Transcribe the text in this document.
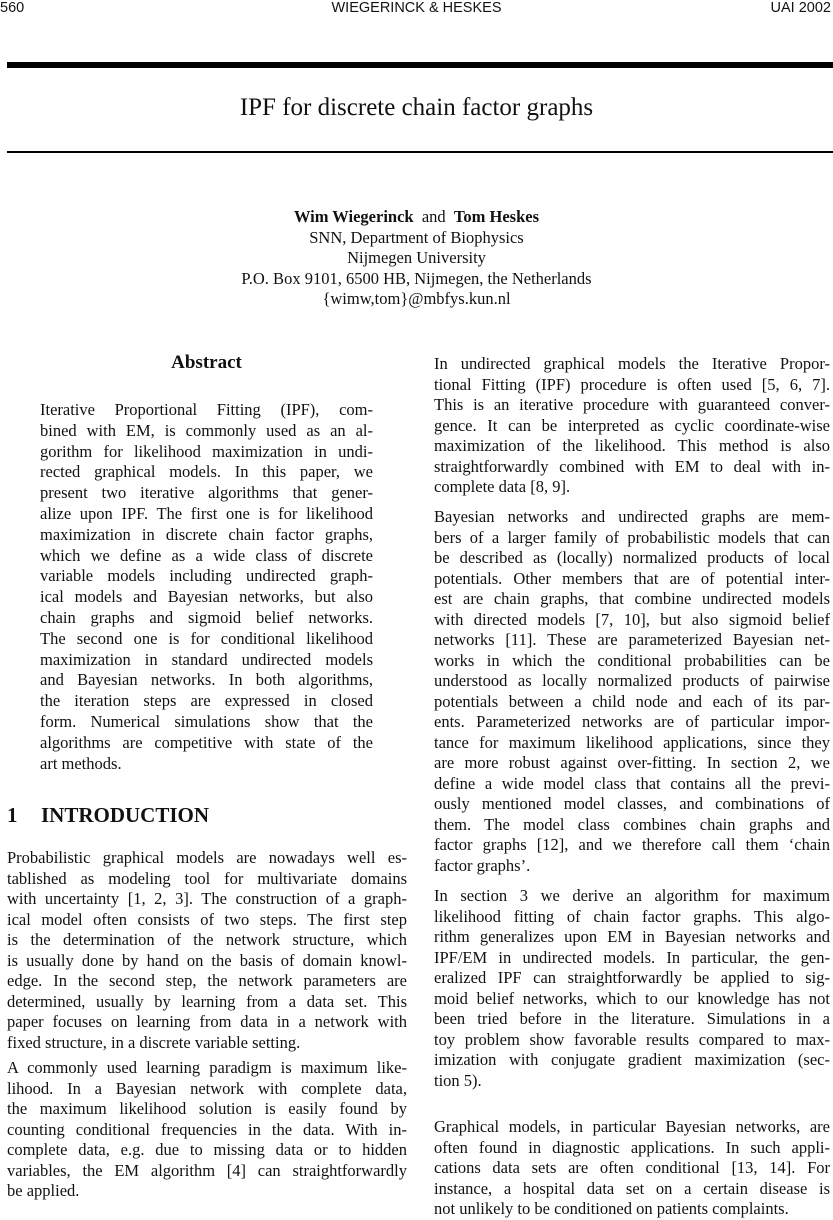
560	WIEGERINCK & HESKES	UAI 2002
IPF for discrete chain factor graphs
Wim Wiegerinck and Tom Heskes
SNN, Department of Biophysics
Nijmegen University
P.O. Box 9101, 6500 HB, Nijmegen, the Netherlands
{wimw,tom}@mbfys.kun.nl
Abstract
Iterative Proportional Fitting (IPF), com-
bined with EM, is commonly used as an al-
gorithm for likelihood maximization in undi-
rected graphical models. In this paper, we
present two iterative algorithms that gener-
alize upon IPF. The first one is for likelihood
maximization in discrete chain factor graphs,
which we define as a wide class of discrete
variable models including undirected graph-
ical models and Bayesian networks, but also
chain graphs and sigmoid belief networks.
The second one is for conditional likelihood
maximization in standard undirected models
and Bayesian networks. In both algorithms,
the iteration steps are expressed in closed
form. Numerical simulations show that the
algorithms are competitive with state of the
art methods.
1 INTRODUCTION
Probabilistic graphical models are nowadays well es-
tablished as modeling tool for multivariate domains
with uncertainty [1, 2, 3]. The construction of a graph-
ical model often consists of two steps. The first step
is the determination of the network structure, which
is usually done by hand on the basis of domain knowl-
edge. In the second step, the network parameters are
determined, usually by learning from a data set. This
paper focuses on learning from data in a network with
fixed structure, in a discrete variable setting.
A commonly used learning paradigm is maximum like-
lihood. In a Bayesian network with complete data,
the maximum likelihood solution is easily found by
counting conditional frequencies in the data. With in-
complete data, e.g. due to missing data or to hidden
variables, the EM algorithm [4] can straightforwardly
be applied.
In undirected graphical models the Iterative Propor-
tional Fitting (IPF) procedure is often used [5, 6, 7].
This is an iterative procedure with guaranteed conver-
gence. It can be interpreted as cyclic coordinate-wise
maximization of the likelihood. This method is also
straightforwardly combined with EM to deal with in-
complete data [8, 9].
Bayesian networks and undirected graphs are mem-
bers of a larger family of probabilistic models that can
be described as (locally) normalized products of local
potentials. Other members that are of potential inter-
est are chain graphs, that combine undirected models
with directed models [7, 10], but also sigmoid belief
networks [11]. These are parameterized Bayesian net-
works in which the conditional probabilities can be
understood as locally normalized products of pairwise
potentials between a child node and each of its par-
ents. Parameterized networks are of particular impor-
tance for maximum likelihood applications, since they
are more robust against over-fitting. In section 2, we
define a wide model class that contains all the previ-
ously mentioned model classes, and combinations of
them. The model class combines chain graphs and
factor graphs [12], and we therefore call them ‘chain
factor graphs’.
In section 3 we derive an algorithm for maximum
likelihood fitting of chain factor graphs. This algo-
rithm generalizes upon EM in Bayesian networks and
IPF/EM in undirected models. In particular, the gen-
eralized IPF can straightforwardly be applied to sig-
moid belief networks, which to our knowledge has not
been tried before in the literature. Simulations in a
toy problem show favorable results compared to max-
imization with conjugate gradient maximization (sec-
tion 5).
Graphical models, in particular Bayesian networks, are
often found in diagnostic applications. In such appli-
cations data sets are often conditional [13, 14]. For
instance, a hospital data set on a certain disease is
not unlikely to be conditioned on patients complaints.
